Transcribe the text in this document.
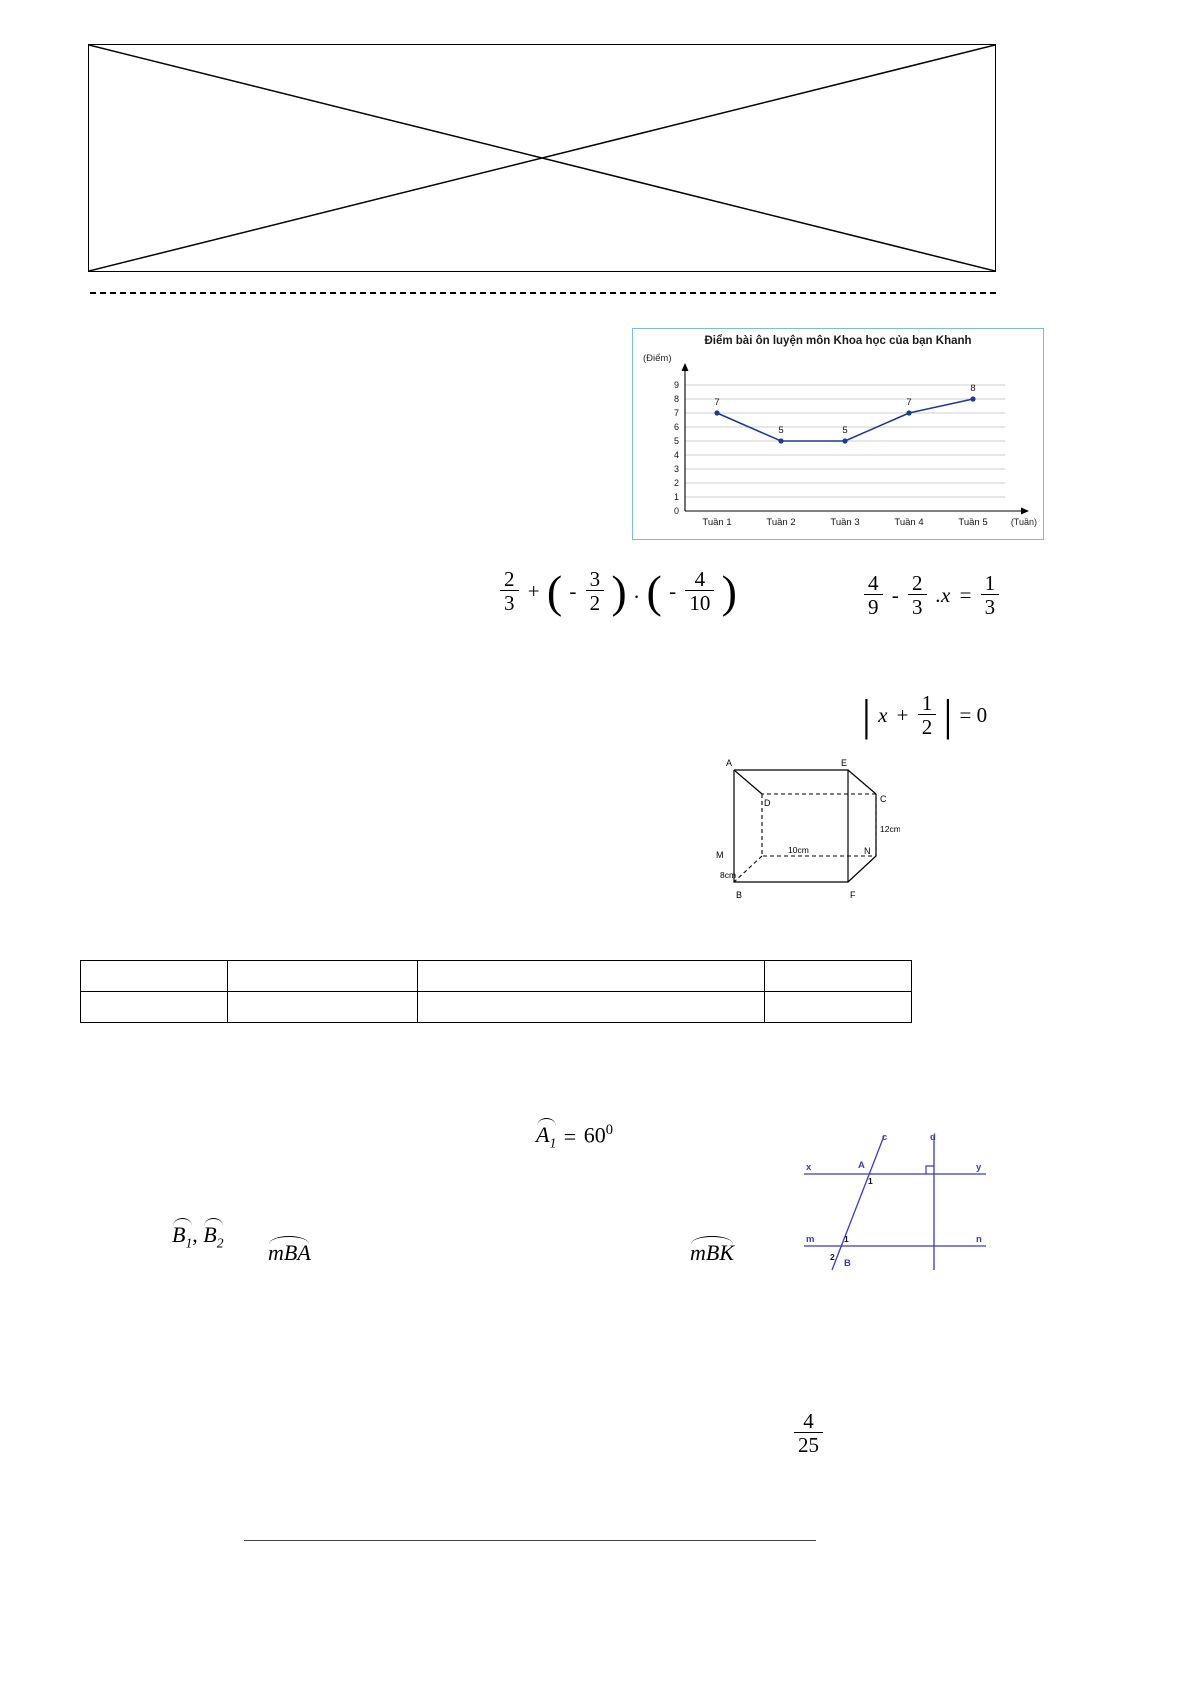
Điểm bài ôn luyện môn Khoa học của bạn Khanh
(Điểm)
(Tuần)
0
1
2
3
4
5
6
7
8
9
7
5	5
7
8
Tuần 1	Tuần 2	Tuần 3	Tuần 4	Tuần 5
$\frac{2}{3}$ + ( - $\frac{3}{2}$ ) . ( - $\frac{4}{10}$ )	$\frac{4}{9} - \frac{2}{3} .x = \frac{1}{3}$
| $x + \frac{1}{2}$ | = 0
A	E
D	C
M	N
B	F
10cm
12cm
8cm

$A_1 = 60^0$
$B_1$, $B_2$ mBA	mBK
x	y
m	n
c	d
A
B
1
1
2
$\frac{4}{25}$
